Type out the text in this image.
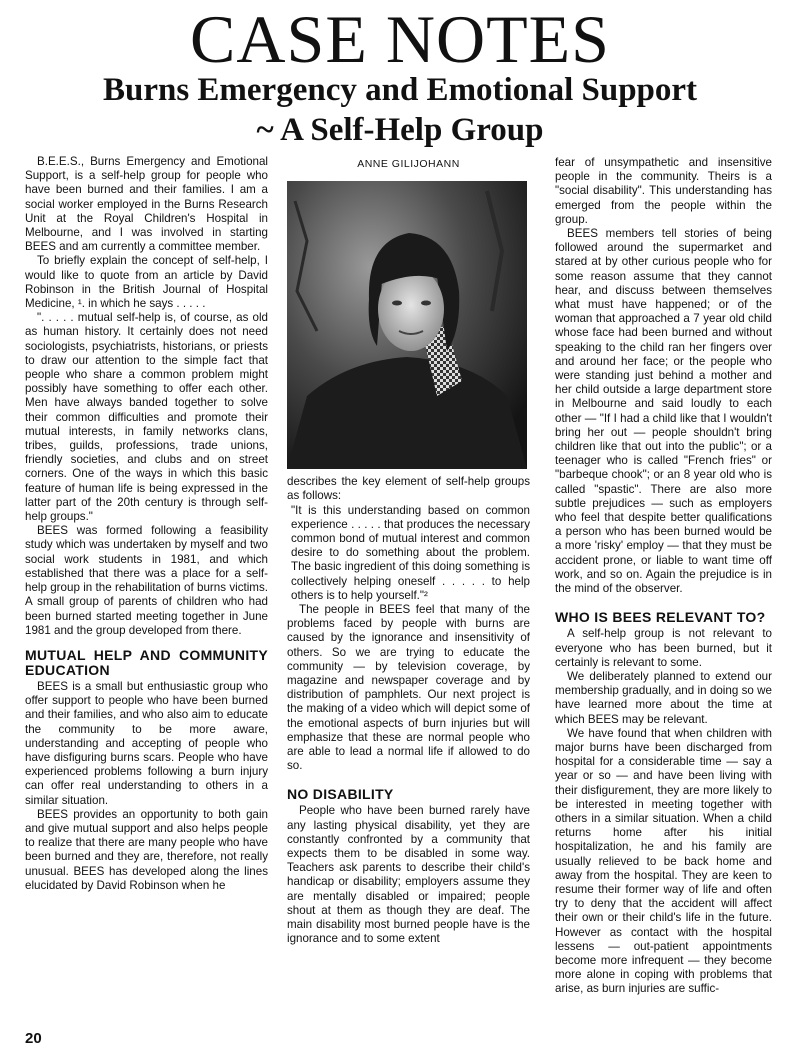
CASE NOTES
Burns Emergency and Emotional Support
~ A Self-Help Group

B.E.E.S., Burns Emergency and Emotional Support, is a self-help group for people who have been burned and their families. I am a social worker employed in the Burns Research Unit at the Royal Children's Hospital in Melbourne, and I was involved in starting BEES and am currently a committee member.

To briefly explain the concept of self-help, I would like to quote from an article by David Robinson in the British Journal of Hospital Medicine, ¹. in which he says . . . . .

". . . . . mutual self-help is, of course, as old as human history. It certainly does not need sociologists, psychiatrists, historians, or priests to draw our attention to the simple fact that people who share a common problem might possibly have something to offer each other. Men have always banded together to solve their common difficulties and promote their mutual interests, in family networks clans, tribes, guilds, professions, trade unions, friendly societies, and clubs and on street corners. One of the ways in which this basic feature of human life is being expressed in the latter part of the 20th century is through self-help groups."

BEES was formed following a feasibility study which was undertaken by myself and two social work students in 1981, and which established that there was a place for a self-help group in the rehabilitation of burns victims. A small group of parents of children who had been burned started meeting together in June 1981 and the group developed from there.

MUTUAL HELP AND COMMUNITY EDUCATION

BEES is a small but enthusiastic group who offer support to people who have been burned and their families, and who also aim to educate the community to be more aware, understanding and accepting of people who have disfiguring burns scars. People who have experienced problems following a burn injury can offer real understanding to others in a similar situation.

BEES provides an opportunity to both gain and give mutual support and also helps people to realize that there are many people who have been burned and they are, therefore, not really unusual. BEES has developed along the lines elucidated by David Robinson when he

ANNE GILIJOHANN

describes the key element of self-help groups as follows:

"It is this understanding based on common experience . . . . . that produces the necessary common bond of mutual interest and common desire to do something about the problem. The basic ingredient of this doing something is collectively helping oneself . . . . . to help others is to help yourself."²

The people in BEES feel that many of the problems faced by people with burns are caused by the ignorance and insensitivity of others. So we are trying to educate the community — by television coverage, by magazine and newspaper coverage and by distribution of pamphlets. Our next project is the making of a video which will depict some of the emotional aspects of burn injuries but will emphasize that these are normal people who are able to lead a normal life if allowed to do so.

NO DISABILITY

People who have been burned rarely have any lasting physical disability, yet they are constantly confronted by a community that expects them to be disabled in some way. Teachers ask parents to describe their child's handicap or disability; employers assume they are mentally disabled or impaired; people shout at them as though they are deaf. The main disability most burned people have is the ignorance and to some extent

fear of unsympathetic and insensitive people in the community. Theirs is a "social disability". This understanding has emerged from the people within the group.

BEES members tell stories of being followed around the supermarket and stared at by other curious people who for some reason assume that they cannot hear, and discuss between themselves what must have happened; or of the woman that approached a 7 year old child whose face had been burned and without speaking to the child ran her fingers over and around her face; or the people who were standing just behind a mother and her child outside a large department store in Melbourne and said loudly to each other — "If I had a child like that I wouldn't bring her out — people shouldn't bring children like that out into the public"; or a teenager who is called "French fries" or "barbeque chook"; or an 8 year old who is called "spastic". There are also more subtle prejudices — such as employers who feel that despite better qualifications a person who has been burned would be a more 'risky' employ — that they must be accident prone, or liable to want time off work, and so on. Again the prejudice is in the mind of the observer.

WHO IS BEES RELEVANT TO?

A self-help group is not relevant to everyone who has been burned, but it certainly is relevant to some.

We deliberately planned to extend our membership gradually, and in doing so we have learned more about the time at which BEES may be relevant.

We have found that when children with major burns have been discharged from hospital for a considerable time — say a year or so — and have been living with their disfigurement, they are more likely to be interested in meeting together with others in a similar situation. When a child returns home after his initial hospitalization, he and his family are usually relieved to be back home and away from the hospital. They are keen to resume their former way of life and often try to deny that the accident will affect their own or their child's life in the future. However as contact with the hospital lessens — out-patient appointments become more infrequent — they become more alone in coping with problems that arise, as burn injuries are suffic-

20
